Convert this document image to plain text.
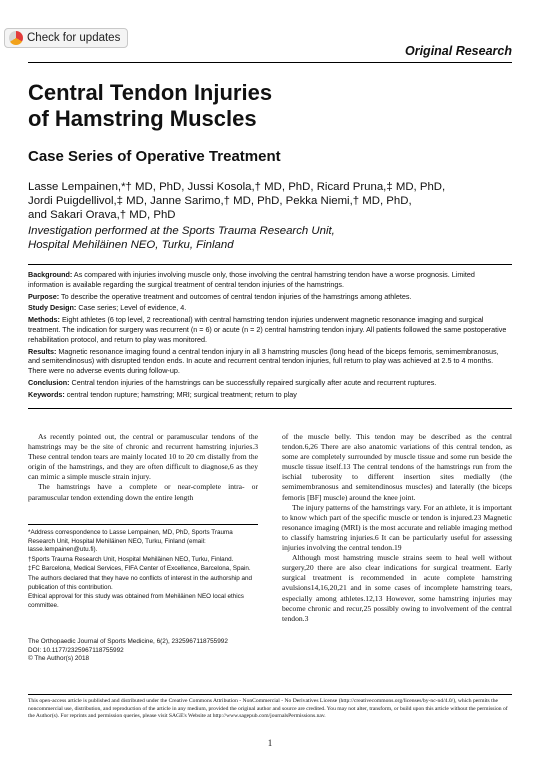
Check for updates
Original Research
Central Tendon Injuries
of Hamstring Muscles
Case Series of Operative Treatment

Lasse Lempainen,*† MD, PhD, Jussi Kosola,† MD, PhD, Ricard Pruna,‡ MD, PhD,

Jordi Puigdellivol,‡ MD, Janne Sarimo,† MD, PhD, Pekka Niemi,† MD, PhD,

and Sakari Orava,† MD, PhD

Investigation performed at the Sports Trauma Research Unit,

Hospital Mehiläinen NEO, Turku, Finland

Background: As compared with injuries involving muscle only, those involving the central hamstring tendon have a worse prognosis. Limited information is available regarding the surgical treatment of central tendon injuries of the hamstrings.

Purpose: To describe the operative treatment and outcomes of central tendon injuries of the hamstrings among athletes.

Study Design: Case series; Level of evidence, 4.

Methods: Eight athletes (6 top level, 2 recreational) with central hamstring tendon injuries underwent magnetic resonance imaging and surgical treatment. The indication for surgery was recurrent (n = 6) or acute (n = 2) central hamstring tendon injury. All patients followed the same postoperative rehabilitation protocol, and return to play was monitored.

Results: Magnetic resonance imaging found a central tendon injury in all 3 hamstring muscles (long head of the biceps femoris, semimembranosus, and semitendinosus) with disrupted tendon ends. In acute and recurrent central tendon injuries, full return to play was achieved at 2.5 to 4 months. There were no adverse events during follow-up.

Conclusion: Central tendon injuries of the hamstrings can be successfully repaired surgically after acute and recurrent ruptures.

Keywords: central tendon rupture; hamstring; MRI; surgical treatment; return to play

As recently pointed out, the central or paramuscular tendons of the hamstrings may be the site of chronic and recurrent hamstring injuries.3 These central tendon tears are mainly located 10 to 20 cm distally from the origin of the hamstrings, and they are often difficult to diagnose,6 as they can mimic a simple muscle strain injury.

The hamstrings have a complete or near-complete intra- or paramuscular tendon extending down the entire length

*Address correspondence to Lasse Lempainen, MD, PhD, Sports Trauma Research Unit, Hospital Mehiläinen NEO, Turku, Finland (email: lasse.lempainen@utu.fi).

†Sports Trauma Research Unit, Hospital Mehiläinen NEO, Turku, Finland.

‡FC Barcelona, Medical Services, FIFA Center of Excellence, Barcelona, Spain.

The authors declared that they have no conflicts of interest in the authorship and publication of this contribution.

Ethical approval for this study was obtained from Mehiläinen NEO local ethics committee.

The Orthopaedic Journal of Sports Medicine, 6(2), 2325967118755992

DOI: 10.1177/2325967118755992

© The Author(s) 2018

of the muscle belly. This tendon may be described as the central tendon.6,26 There are also anatomic variations of this central tendon, as some are completely surrounded by muscle tissue and some run beside the muscle tissue itself.13 The central tendons of the hamstrings run from the ischial tuberosity to different insertion sites medially (the semimembranosus and semitendinosus muscles) and laterally (the biceps femoris [BF] muscle) around the knee joint.

The injury patterns of the hamstrings vary. For an athlete, it is important to know which part of the specific muscle or tendon is injured.23 Magnetic resonance imaging (MRI) is the most accurate and reliable imaging method to classify hamstring injuries.6 It can be particularly useful for assessing injuries involving the central tendon.19

Although most hamstring muscle strains seem to heal well without surgery,20 there are also clear indications for surgical treatment. Early surgical treatment is recommended in acute complete hamstring avulsions14,16,20,21 and in some cases of incomplete hamstring tears, especially among athletes.12,13 However, some hamstring injuries may become chronic and recur,25 possibly owing to involvement of the central tendon.3

This open-access article is published and distributed under the Creative Commons Attribution - NonCommercial - No Derivatives License (http://creativecommons.org/licenses/by-nc-nd/4.0/), which permits the noncommercial use, distribution, and reproduction of the article in any medium, provided the original author and source are credited. You may not alter, transform, or build upon this article without the permission of the Author(s). For reprints and permission queries, please visit SAGE's Website at http://www.sagepub.com/journalsPermissions.nav.

1
